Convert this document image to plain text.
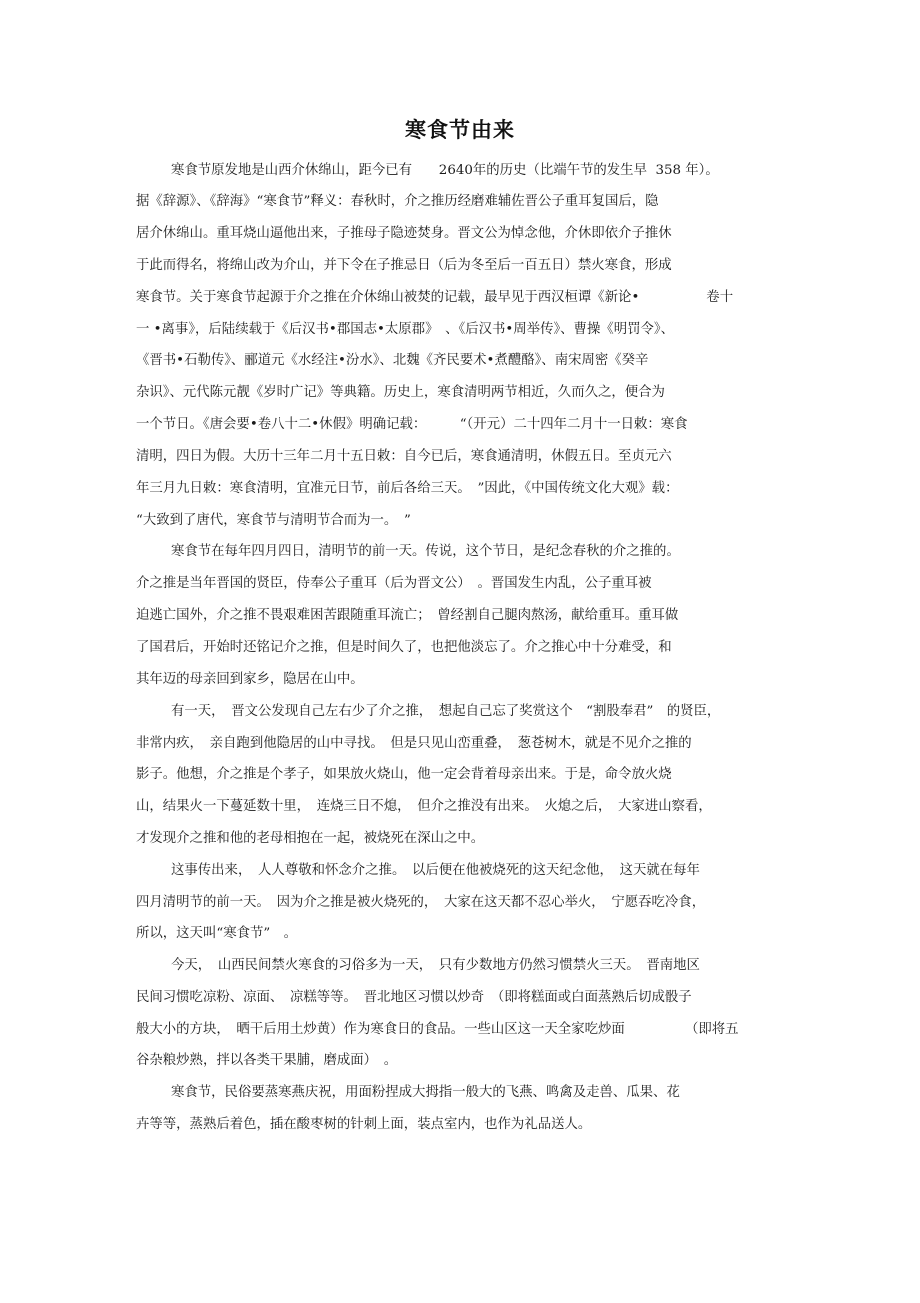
寒食节由来
寒食节原发地是山西介休绵山，距今已有　　2640年的历史（比端午节的发生早  358 年）。
据《辞源》、《辞海》“寒食节”释义：春秋时，介之推历经磨难辅佐晋公子重耳复国后，隐
居介休绵山。重耳烧山逼他出来，子推母子隐迹焚身。晋文公为悼念他，介休即依介子推休
于此而得名，将绵山改为介山，并下令在子推忌日（后为冬至后一百五日）禁火寒食，形成
寒食节。关于寒食节起源于介之推在介休绵山被焚的记载，最早见于西汉桓谭《新论•　　　　　卷十
一 •离事》，后陆续载于《后汉书•郡国志•太原郡》　、《后汉书•周举传》、曹操《明罚令》、
《晋书•石勒传》、郦道元《水经注•汾水》、北魏《齐民要术•煮醴酪》、南宋周密《癸辛
杂识》、元代陈元靓《岁时广记》等典籍。历史上，寒食清明两节相近，久而久之，便合为
一个节日。《唐会要•卷八十二•休假》明确记载：　　　“（开元）二十四年二月十一日敕：寒食
清明，四日为假。大历十三年二月十五日敕：自今已后，寒食通清明，休假五日。至贞元六
年三月九日敕：寒食清明，宜准元日节，前后各给三天。　”因此，《中国传统文化大观》载：
“大致到了唐代，寒食节与清明节合而为一。　”
寒食节在每年四月四日，清明节的前一天。传说，这个节日，是纪念春秋的介之推的。
介之推是当年晋国的贤臣，侍奉公子重耳（后为晋文公）　。晋国发生内乱，公子重耳被
迫逃亡国外，介之推不畏艰难困苦跟随重耳流亡；　曾经割自己腿肉熬汤，献给重耳。重耳做
了国君后，开始时还铭记介之推，但是时间久了，也把他淡忘了。介之推心中十分难受，和
其年迈的母亲回到家乡，隐居在山中。
有一天，　晋文公发现自己左右少了介之推，　想起自己忘了奖赏这个　“割股奉君”　的贤臣，
非常内疚，　亲自跑到他隐居的山中寻找。　但是只见山峦重叠，　葱苍树木，就是不见介之推的
影子。他想，介之推是个孝子，如果放火烧山，他一定会背着母亲出来。于是，命令放火烧
山，结果火一下蔓延数十里，　连烧三日不熄，　但介之推没有出来。　火熄之后，　大家进山察看，
才发现介之推和他的老母相抱在一起，被烧死在深山之中。
这事传出来，　人人尊敬和怀念介之推。　以后便在他被烧死的这天纪念他，　这天就在每年
四月清明节的前一天。　因为介之推是被火烧死的，　大家在这天都不忍心举火，　宁愿吞吃冷食，
所以，这天叫“寒食节”　。
今天，　山西民间禁火寒食的习俗多为一天，　只有少数地方仍然习惯禁火三天。　晋南地区
民间习惯吃凉粉、凉面、　凉糕等等。　晋北地区习惯以炒奇　（即将糕面或白面蒸熟后切成骰子
般大小的方块，　晒干后用土炒黄）作为寒食日的食品。一些山区这一天全家吃炒面　　　　　（即将五
谷杂粮炒熟，拌以各类干果脯，磨成面）　。
寒食节，民俗要蒸寒燕庆祝，用面粉捏成大拇指一般大的飞燕、鸣禽及走兽、瓜果、花
卉等等，蒸熟后着色，插在酸枣树的针刺上面，装点室内，也作为礼品送人。
